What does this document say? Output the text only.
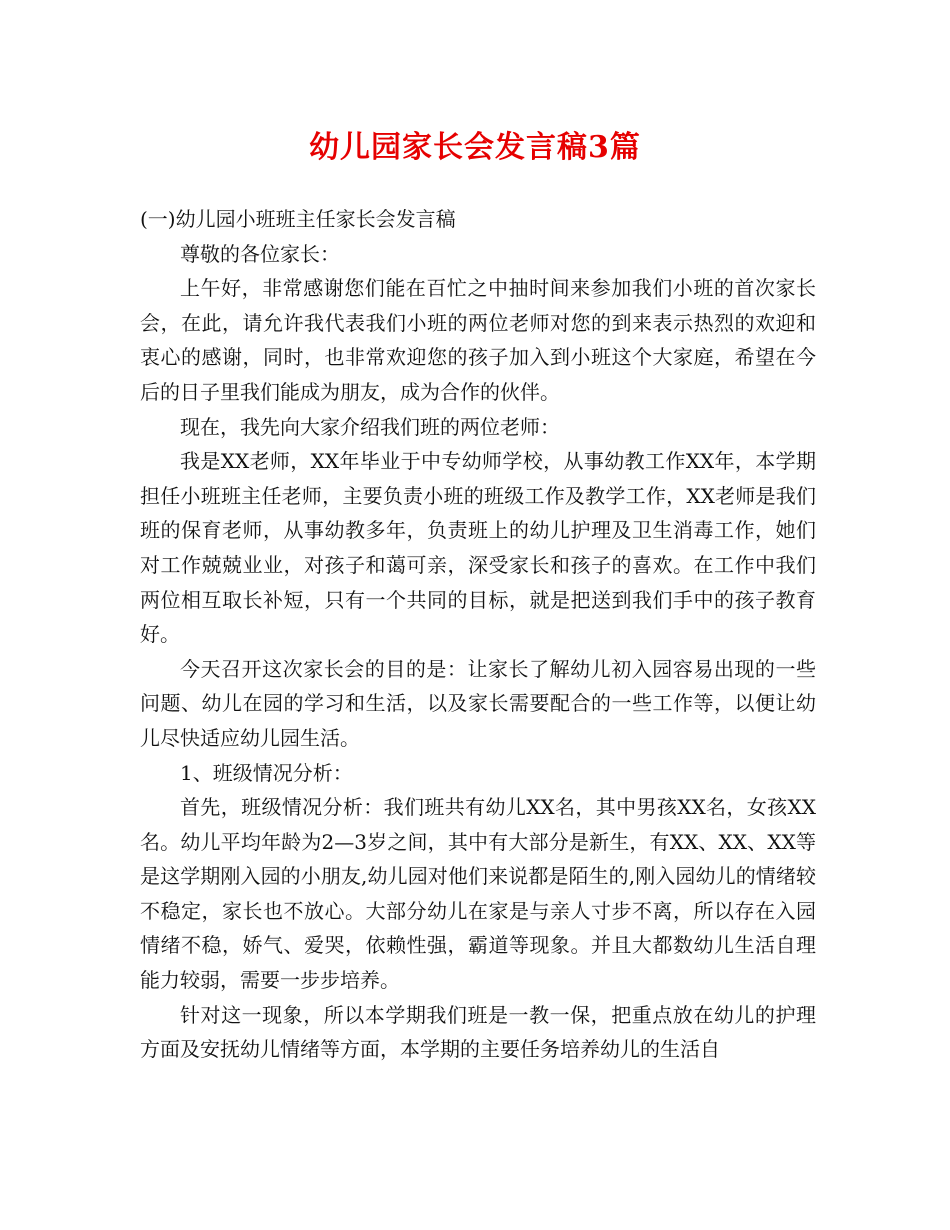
幼儿园家长会发言稿3篇

(一)幼儿园小班班主任家长会发言稿

尊敬的各位家长：

上午好，非常感谢您们能在百忙之中抽时间来参加我们小班的首次家长会，在此，请允许我代表我们小班的两位老师对您的到来表示热烈的欢迎和衷心的感谢，同时，也非常欢迎您的孩子加入到小班这个大家庭，希望在今后的日子里我们能成为朋友，成为合作的伙伴。

现在，我先向大家介绍我们班的两位老师：

我是XX老师，XX年毕业于中专幼师学校，从事幼教工作XX年，本学期担任小班班主任老师，主要负责小班的班级工作及教学工作，XX老师是我们班的保育老师，从事幼教多年，负责班上的幼儿护理及卫生消毒工作，她们对工作兢兢业业，对孩子和蔼可亲，深受家长和孩子的喜欢。在工作中我们两位相互取长补短，只有一个共同的目标，就是把送到我们手中的孩子教育好。

今天召开这次家长会的目的是：让家长了解幼儿初入园容易出现的一些问题、幼儿在园的学习和生活，以及家长需要配合的一些工作等，以便让幼儿尽快适应幼儿园生活。

1、班级情况分析：

首先，班级情况分析：我们班共有幼儿XX名，其中男孩XX名，女孩XX名。幼儿平均年龄为2—3岁之间，其中有大部分是新生，有XX、XX、XX等是这学期刚入园的小朋友,幼儿园对他们来说都是陌生的,刚入园幼儿的情绪较不稳定，家长也不放心。大部分幼儿在家是与亲人寸步不离，所以存在入园情绪不稳，娇气、爱哭，依赖性强，霸道等现象。并且大都数幼儿生活自理能力较弱，需要一步步培养。

针对这一现象，所以本学期我们班是一教一保，把重点放在幼儿的护理方面及安抚幼儿情绪等方面，本学期的主要任务培养幼儿的生活自
